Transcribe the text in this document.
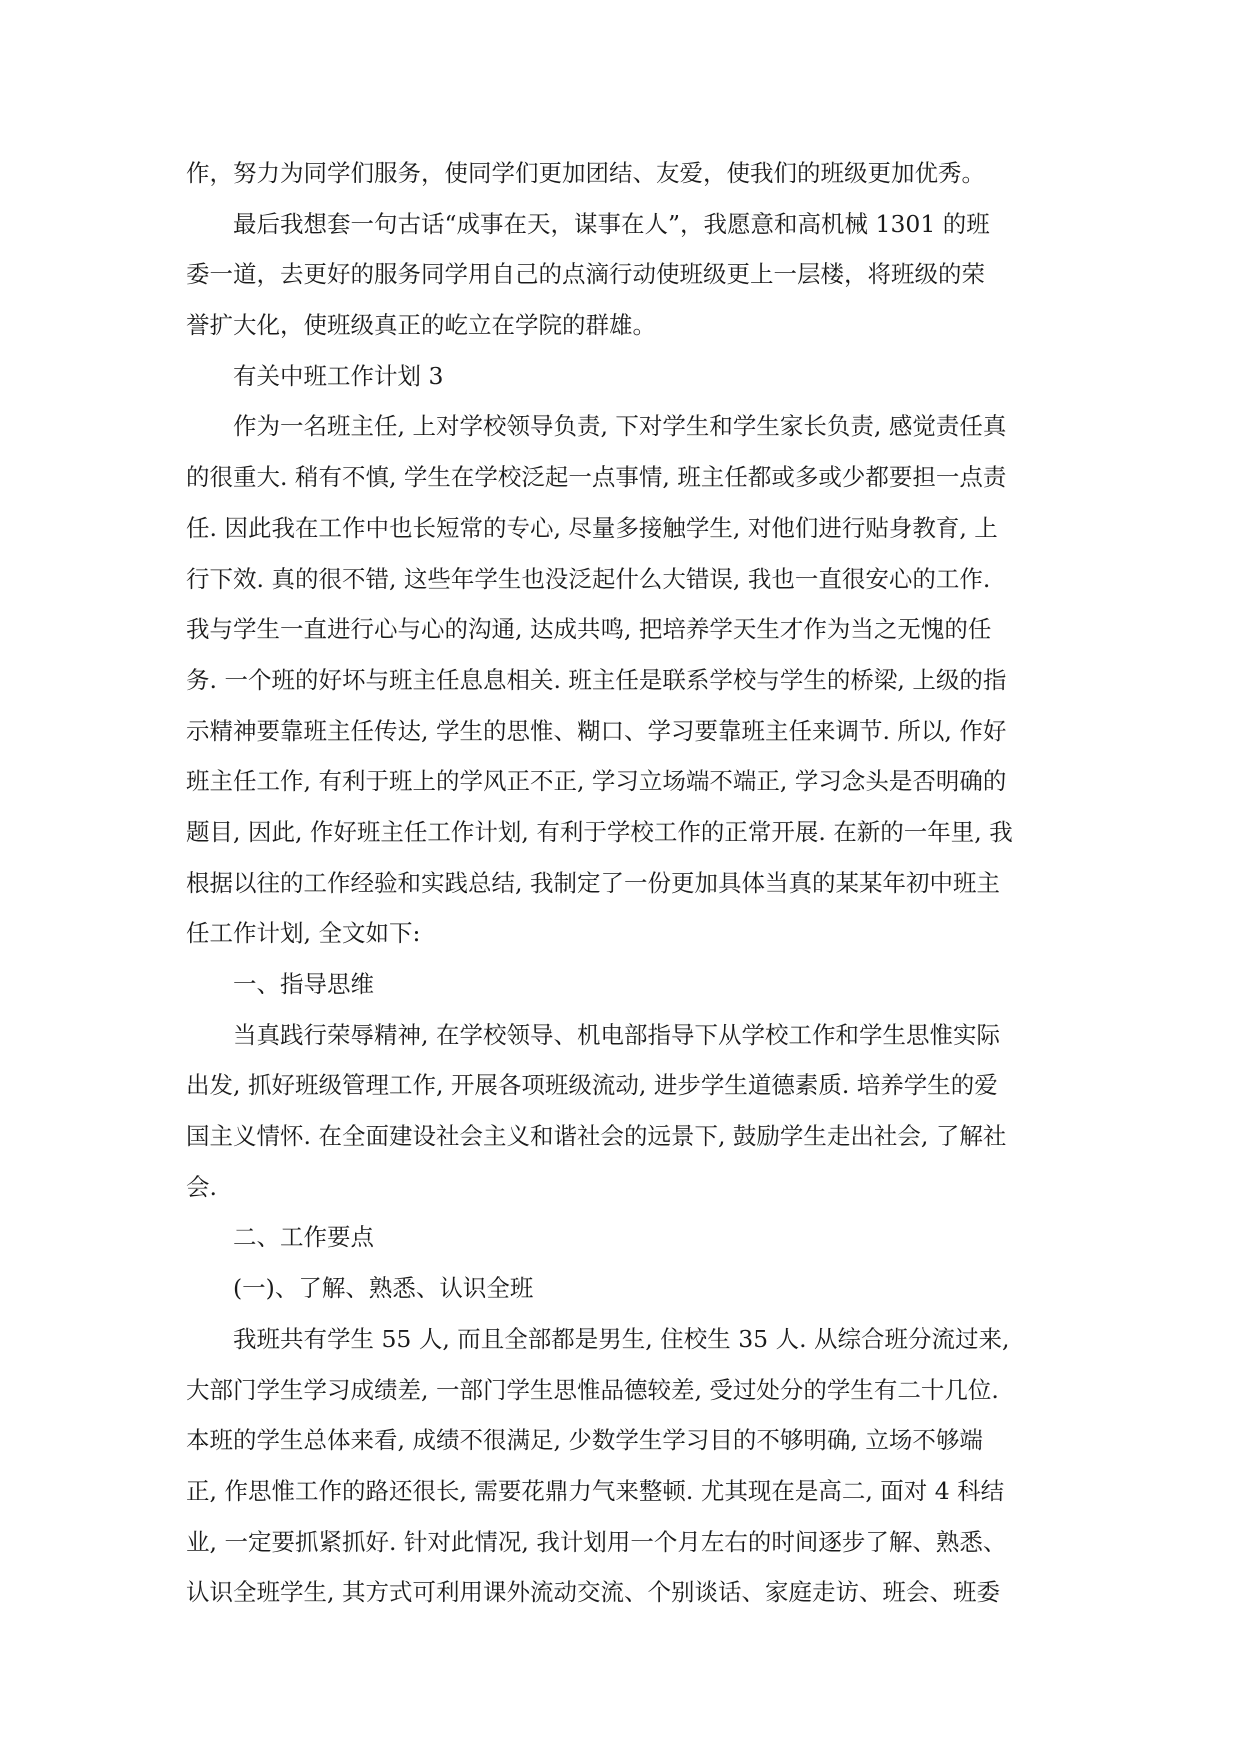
作，努力为同学们服务，使同学们更加团结、友爱，使我们的班级更加优秀。
最后我想套一句古话“成事在天，谋事在人”，我愿意和高机械 1301 的班
委一道，去更好的服务同学用自己的点滴行动使班级更上一层楼，将班级的荣
誉扩大化，使班级真正的屹立在学院的群雄。
有关中班工作计划 3
作为一名班主任, 上对学校领导负责, 下对学生和学生家长负责, 感觉责任真
的很重大. 稍有不慎, 学生在学校泛起一点事情, 班主任都或多或少都要担一点责
任. 因此我在工作中也长短常的专心, 尽量多接触学生, 对他们进行贴身教育, 上
行下效. 真的很不错, 这些年学生也没泛起什么大错误, 我也一直很安心的工作.
我与学生一直进行心与心的沟通, 达成共鸣, 把培养学天生才作为当之无愧的任
务. 一个班的好坏与班主任息息相关. 班主任是联系学校与学生的桥梁, 上级的指
示精神要靠班主任传达, 学生的思惟、糊口、学习要靠班主任来调节. 所以, 作好
班主任工作, 有利于班上的学风正不正, 学习立场端不端正, 学习念头是否明确的
题目, 因此, 作好班主任工作计划, 有利于学校工作的正常开展. 在新的一年里, 我
根据以往的工作经验和实践总结, 我制定了一份更加具体当真的某某年初中班主
任工作计划, 全文如下:
一、指导思维
当真践行荣辱精神, 在学校领导、机电部指导下从学校工作和学生思惟实际
出发, 抓好班级管理工作, 开展各项班级流动, 进步学生道德素质. 培养学生的爱
国主义情怀. 在全面建设社会主义和谐社会的远景下, 鼓励学生走出社会, 了解社
会.
二、工作要点
(一)、了解、熟悉、认识全班
我班共有学生 55 人, 而且全部都是男生, 住校生 35 人. 从综合班分流过来,
大部门学生学习成绩差, 一部门学生思惟品德较差, 受过处分的学生有二十几位.
本班的学生总体来看, 成绩不很满足, 少数学生学习目的不够明确, 立场不够端
正, 作思惟工作的路还很长, 需要花鼎力气来整顿. 尤其现在是高二, 面对 4 科结
业, 一定要抓紧抓好. 针对此情况, 我计划用一个月左右的时间逐步了解、熟悉、
认识全班学生, 其方式可利用课外流动交流、个别谈话、家庭走访、班会、班委
